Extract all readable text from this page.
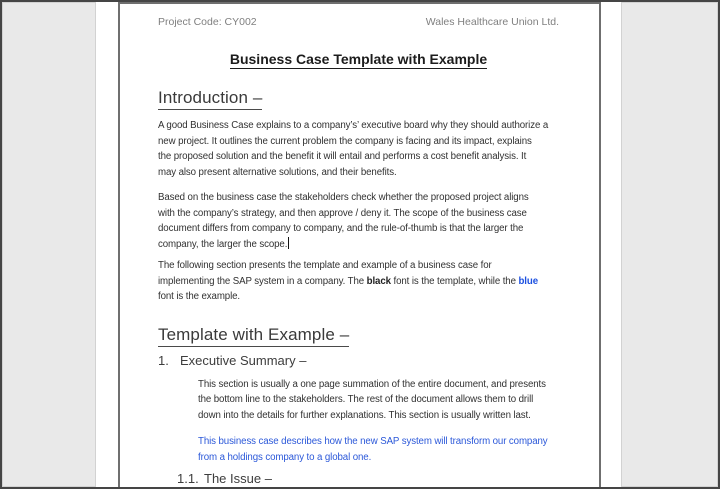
Project Code: CY002	Wales Healthcare Union Ltd.
Business Case Template with Example
Introduction –
A good Business Case explains to a company’s’ executive board why they should authorize a
new project. It outlines the current problem the company is facing and its impact, explains
the proposed solution and the benefit it will entail and performs a cost benefit analysis. It
may also present alternative solutions, and their benefits.
Based on the business case the stakeholders check whether the proposed project aligns
with the company’s strategy, and then approve / deny it. The scope of the business case
document differs from company to company, and the rule-of-thumb is that the larger the
company, the larger the scope.
The following section presents the template and example of a business case for
implementing the SAP system in a company. The black font is the template, while the blue
font is the example.
Template with Example –
1. Executive Summary –
This section is usually a one page summation of the entire document, and presents
the bottom line to the stakeholders. The rest of the document allows them to drill
down into the details for further explanations. This section is usually written last.
This business case describes how the new SAP system will transform our company
from a holdings company to a global one.
1.1. The Issue –
